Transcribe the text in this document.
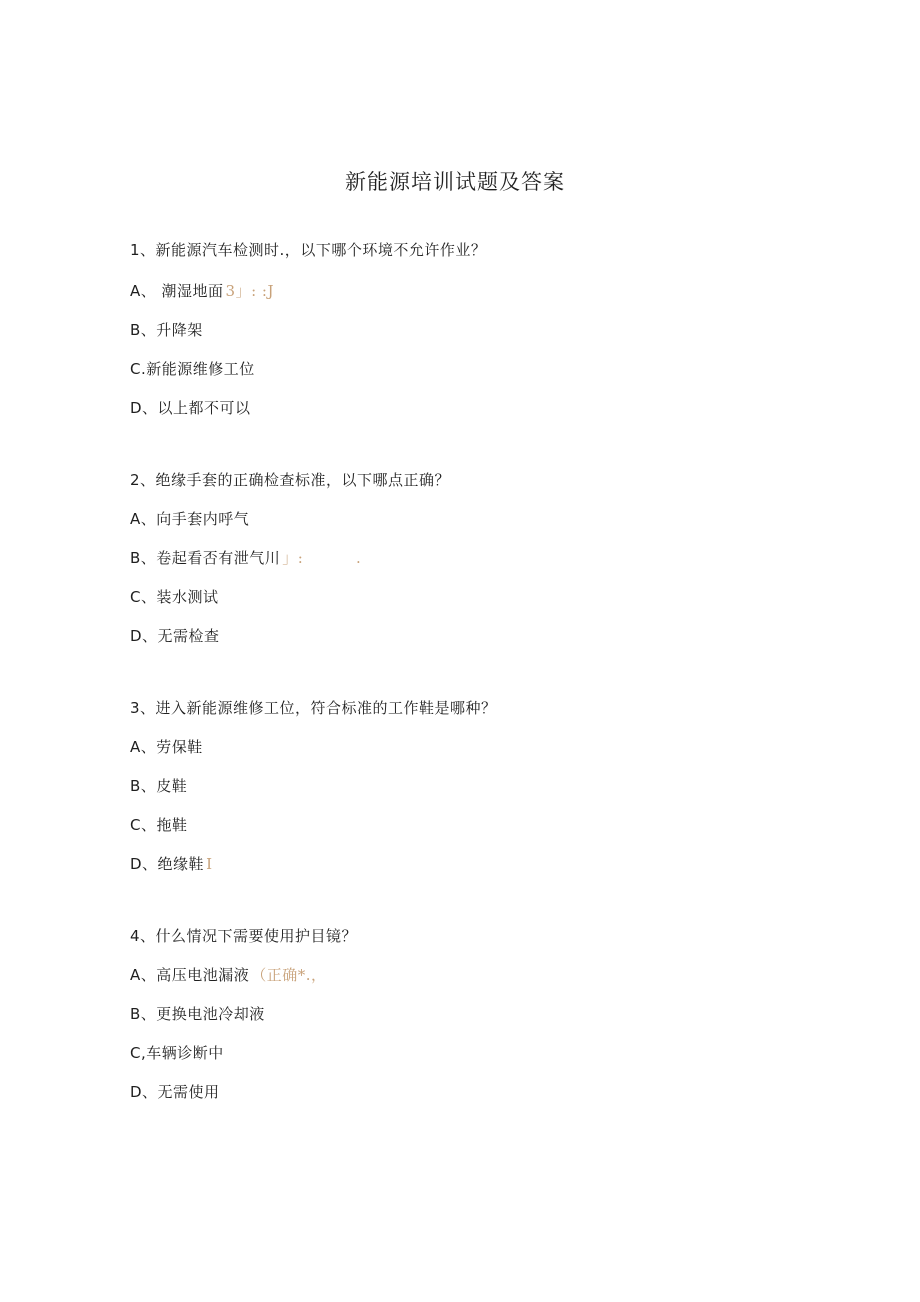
新能源培训试题及答案
1、新能源汽车检测时.，以下哪个环境不允许作业？
A、 潮湿地面 3」: :J
B、升降架
C.新能源维修工位
D、以上都不可以
2、绝缘手套的正确检查标准，以下哪点正确？
A、向手套内呼气
B、卷起看否有泄气川 」:          .
C、装水测试
D、无需检查
3、进入新能源维修工位，符合标准的工作鞋是哪种？
A、劳保鞋
B、皮鞋
C、拖鞋
D、绝缘鞋 I
4、什么情况下需要使用护目镜？
A、高压电池漏液 （正确*.，
B、更换电池冷却液
C,车辆诊断中
D、无需使用
